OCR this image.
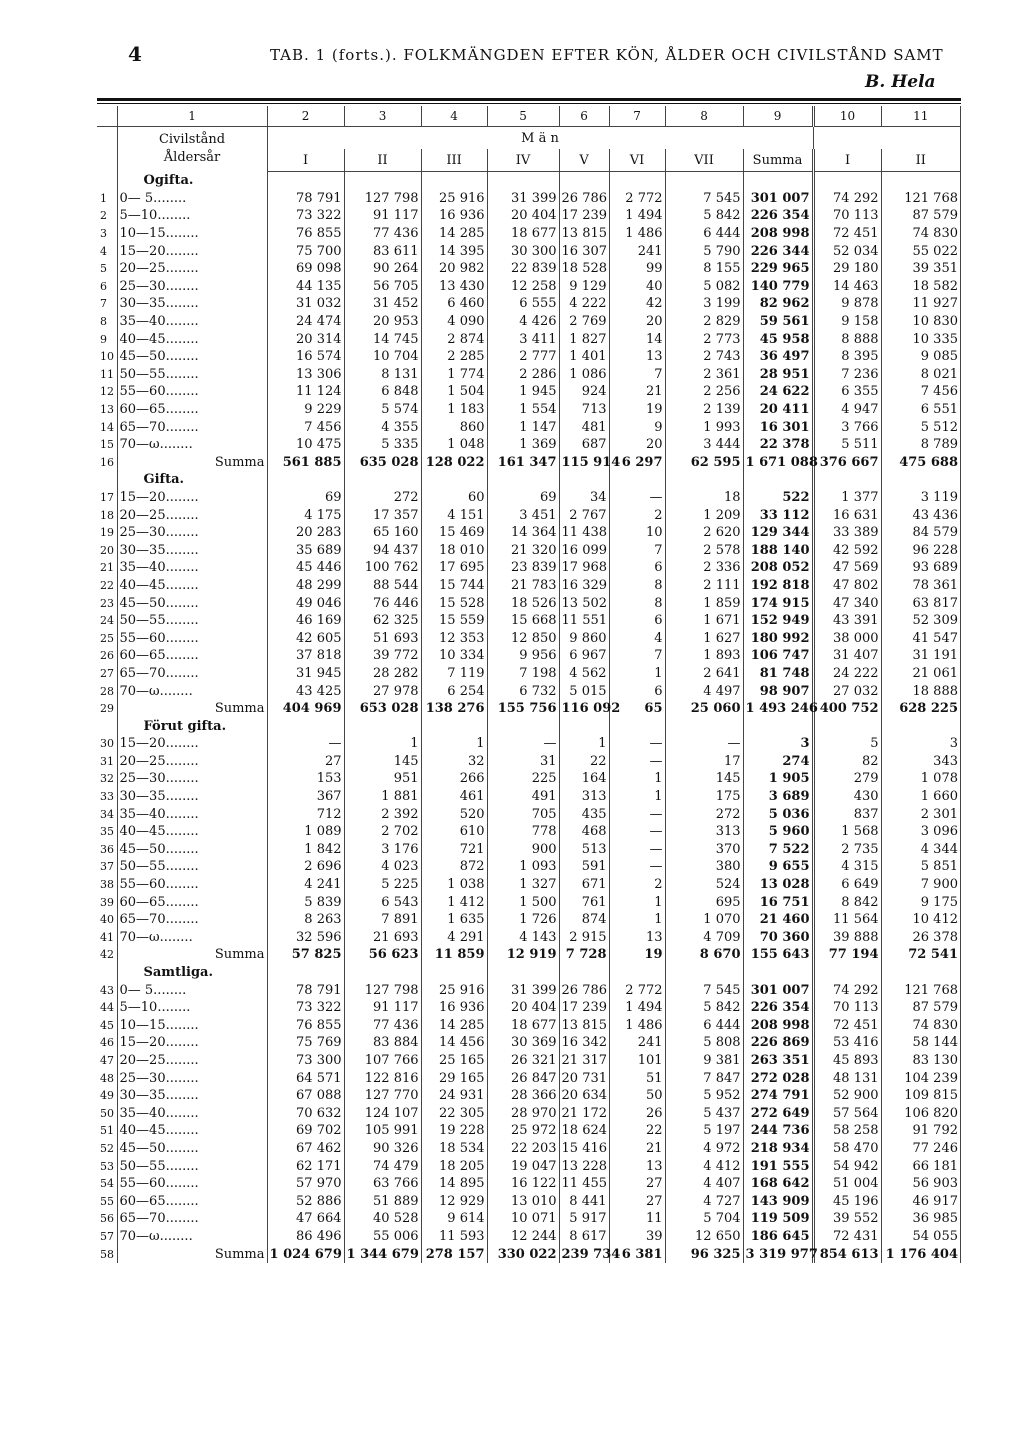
4	TAB. 1 (forts.). FOLKMÄNGDEN EFTER KÖN, ÅLDER OCH CIVILSTÅND SAMT
B. Hela
	1	2	3	4	5	6	7	8	9	10	11
	Civilstånd
Åldersår	M ä n									
		I	II	III	IV	V	VI	VII	Summa	I	II
	Ogifta.										
1	0— 5........	78 791	127 798	25 916	31 399	26 786	2 772	7 545	301 007	74 292	121 768
2	5—10........	73 322	91 117	16 936	20 404	17 239	1 494	5 842	226 354	70 113	87 579
3	10—15........	76 855	77 436	14 285	18 677	13 815	1 486	6 444	208 998	72 451	74 830
4	15—20........	75 700	83 611	14 395	30 300	16 307	241	5 790	226 344	52 034	55 022
5	20—25........	69 098	90 264	20 982	22 839	18 528	99	8 155	229 965	29 180	39 351
6	25—30........	44 135	56 705	13 430	12 258	9 129	40	5 082	140 779	14 463	18 582
7	30—35........	31 032	31 452	6 460	6 555	4 222	42	3 199	82 962	9 878	11 927
8	35—40........	24 474	20 953	4 090	4 426	2 769	20	2 829	59 561	9 158	10 830
9	40—45........	20 314	14 745	2 874	3 411	1 827	14	2 773	45 958	8 888	10 335
10	45—50........	16 574	10 704	2 285	2 777	1 401	13	2 743	36 497	8 395	9 085
11	50—55........	13 306	8 131	1 774	2 286	1 086	7	2 361	28 951	7 236	8 021
12	55—60........	11 124	6 848	1 504	1 945	924	21	2 256	24 622	6 355	7 456
13	60—65........	9 229	5 574	1 183	1 554	713	19	2 139	20 411	4 947	6 551
14	65—70........	7 456	4 355	860	1 147	481	9	1 993	16 301	3 766	5 512
15	70—ω........	10 475	5 335	1 048	1 369	687	20	3 444	22 378	5 511	8 789
16	Summa	561 885	635 028	128 022	161 347	115 914	6 297	62 595	1 671 088	376 667	475 688
	Gifta.										
17	15—20........	69	272	60	69	34	—	18	522	1 377	3 119
18	20—25........	4 175	17 357	4 151	3 451	2 767	2	1 209	33 112	16 631	43 436
19	25—30........	20 283	65 160	15 469	14 364	11 438	10	2 620	129 344	33 389	84 579
20	30—35........	35 689	94 437	18 010	21 320	16 099	7	2 578	188 140	42 592	96 228
21	35—40........	45 446	100 762	17 695	23 839	17 968	6	2 336	208 052	47 569	93 689
22	40—45........	48 299	88 544	15 744	21 783	16 329	8	2 111	192 818	47 802	78 361
23	45—50........	49 046	76 446	15 528	18 526	13 502	8	1 859	174 915	47 340	63 817
24	50—55........	46 169	62 325	15 559	15 668	11 551	6	1 671	152 949	43 391	52 309
25	55—60........	42 605	51 693	12 353	12 850	9 860	4	1 627	180 992	38 000	41 547
26	60—65........	37 818	39 772	10 334	9 956	6 967	7	1 893	106 747	31 407	31 191
27	65—70........	31 945	28 282	7 119	7 198	4 562	1	2 641	81 748	24 222	21 061
28	70—ω........	43 425	27 978	6 254	6 732	5 015	6	4 497	98 907	27 032	18 888
29	Summa	404 969	653 028	138 276	155 756	116 092	65	25 060	1 493 246	400 752	628 225
	Förut gifta.										
30	15—20........	—	1	1	—	1	—	—	3	5	3
31	20—25........	27	145	32	31	22	—	17	274	82	343
32	25—30........	153	951	266	225	164	1	145	1 905	279	1 078
33	30—35........	367	1 881	461	491	313	1	175	3 689	430	1 660
34	35—40........	712	2 392	520	705	435	—	272	5 036	837	2 301
35	40—45........	1 089	2 702	610	778	468	—	313	5 960	1 568	3 096
36	45—50........	1 842	3 176	721	900	513	—	370	7 522	2 735	4 344
37	50—55........	2 696	4 023	872	1 093	591	—	380	9 655	4 315	5 851
38	55—60........	4 241	5 225	1 038	1 327	671	2	524	13 028	6 649	7 900
39	60—65........	5 839	6 543	1 412	1 500	761	1	695	16 751	8 842	9 175
40	65—70........	8 263	7 891	1 635	1 726	874	1	1 070	21 460	11 564	10 412
41	70—ω........	32 596	21 693	4 291	4 143	2 915	13	4 709	70 360	39 888	26 378
42	Summa	57 825	56 623	11 859	12 919	7 728	19	8 670	155 643	77 194	72 541
	Samtliga.										
43	0— 5........	78 791	127 798	25 916	31 399	26 786	2 772	7 545	301 007	74 292	121 768
44	5—10........	73 322	91 117	16 936	20 404	17 239	1 494	5 842	226 354	70 113	87 579
45	10—15........	76 855	77 436	14 285	18 677	13 815	1 486	6 444	208 998	72 451	74 830
46	15—20........	75 769	83 884	14 456	30 369	16 342	241	5 808	226 869	53 416	58 144
47	20—25........	73 300	107 766	25 165	26 321	21 317	101	9 381	263 351	45 893	83 130
48	25—30........	64 571	122 816	29 165	26 847	20 731	51	7 847	272 028	48 131	104 239
49	30—35........	67 088	127 770	24 931	28 366	20 634	50	5 952	274 791	52 900	109 815
50	35—40........	70 632	124 107	22 305	28 970	21 172	26	5 437	272 649	57 564	106 820
51	40—45........	69 702	105 991	19 228	25 972	18 624	22	5 197	244 736	58 258	91 792
52	45—50........	67 462	90 326	18 534	22 203	15 416	21	4 972	218 934	58 470	77 246
53	50—55........	62 171	74 479	18 205	19 047	13 228	13	4 412	191 555	54 942	66 181
54	55—60........	57 970	63 766	14 895	16 122	11 455	27	4 407	168 642	51 004	56 903
55	60—65........	52 886	51 889	12 929	13 010	8 441	27	4 727	143 909	45 196	46 917
56	65—70........	47 664	40 528	9 614	10 071	5 917	11	5 704	119 509	39 552	36 985
57	70—ω........	86 496	55 006	11 593	12 244	8 617	39	12 650	186 645	72 431	54 055
58	Summa	1 024 679	1 344 679	278 157	330 022	239 734	6 381	96 325	3 319 977	854 613	1 176 404
